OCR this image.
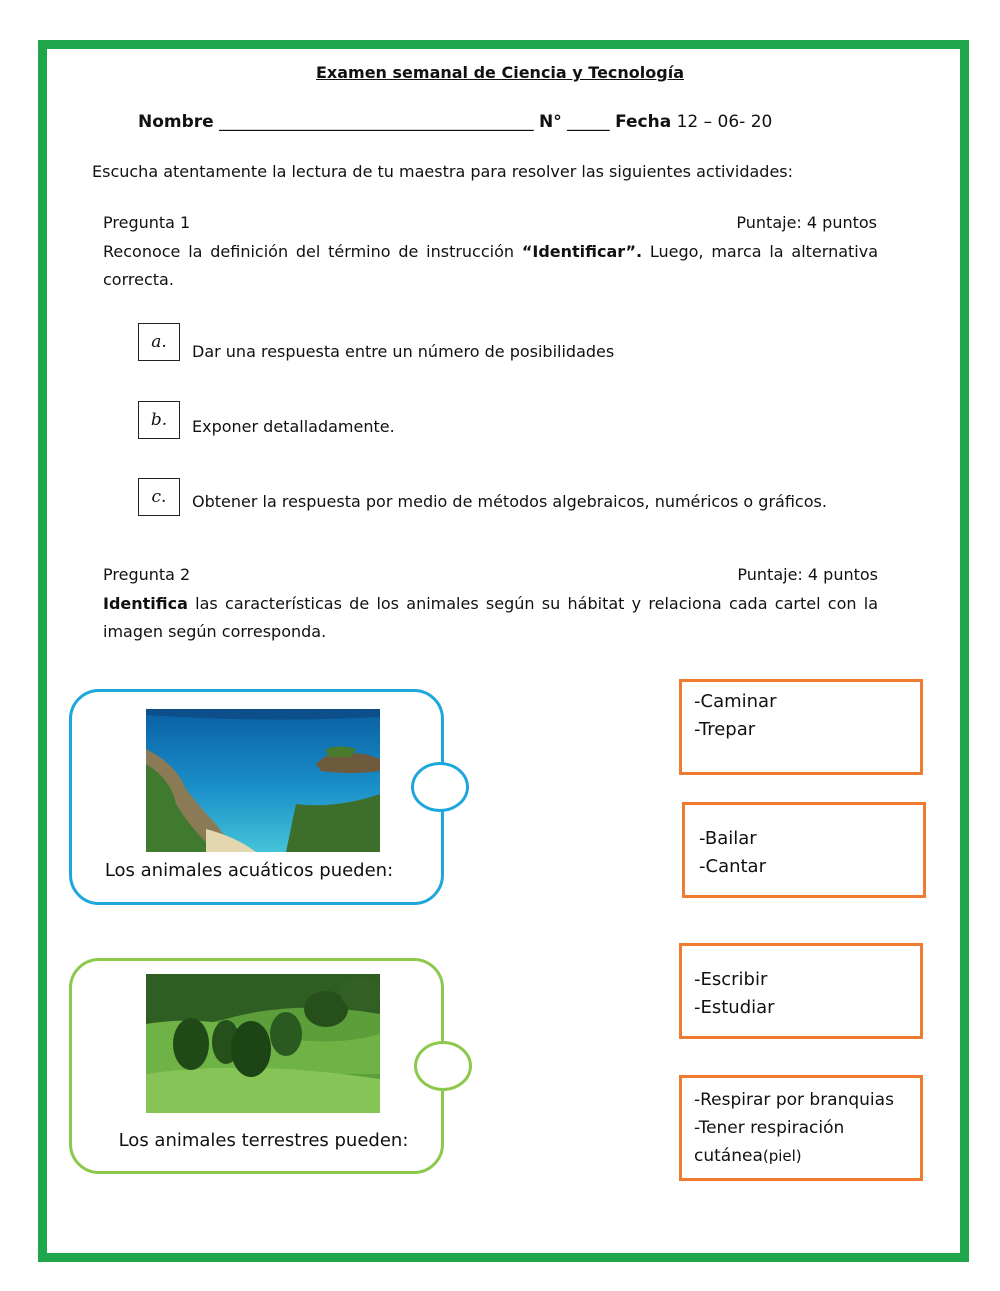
Examen semanal de Ciencia y Tecnología
Nombre _____________________________________ N° _____ Fecha 12 – 06- 20
Escucha atentamente la lectura de tu maestra para resolver las siguientes actividades:
Pregunta 1	Puntaje: 4 puntos
Reconoce la definición del término de instrucción “Identificar”. Luego, marca la alternativa correcta.
a.	Dar una respuesta entre un número de posibilidades
b.	Exponer detalladamente.
c.	Obtener la respuesta por medio de métodos algebraicos, numéricos o gráficos.
Pregunta 2	Puntaje: 4 puntos
Identifica las características de los animales según su hábitat y relaciona cada cartel con la imagen según corresponda.
Los animales acuáticos pueden:
Los animales terrestres pueden:
-Caminar
-Trepar
-Bailar
-Cantar
-Escribir
-Estudiar
-Respirar por branquias
-Tener respiración
cutánea(piel)
